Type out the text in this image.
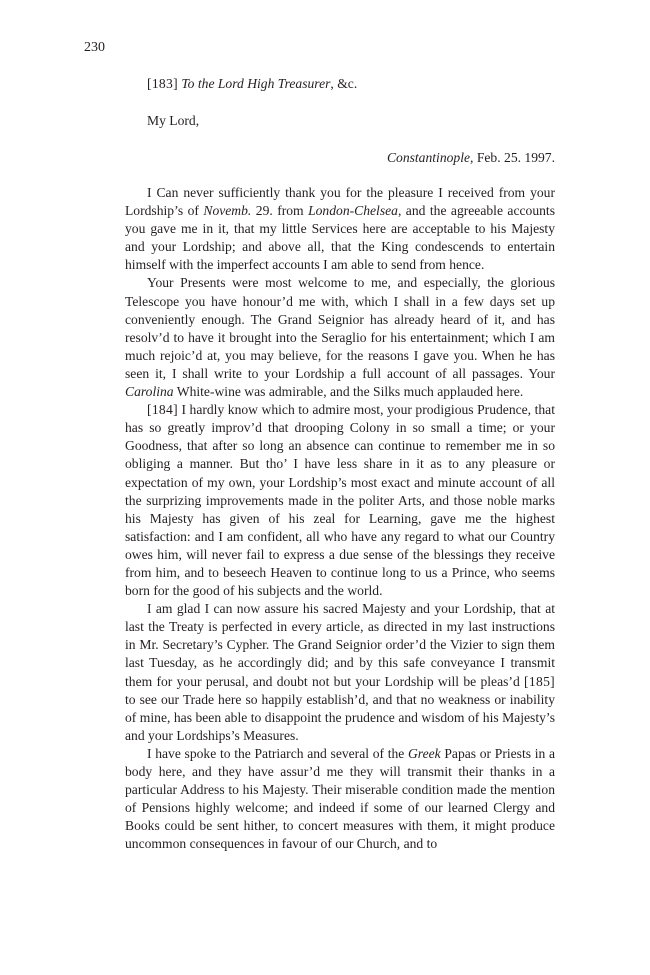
230

[183] To the Lord High Treasurer, &c.

My Lord,
Constantinople, Feb. 25. 1997.

I Can never sufficiently thank you for the pleasure I received from your Lordship’s of Novemb. 29. from London-Chelsea, and the agreeable accounts you gave me in it, that my little Services here are acceptable to his Majesty and your Lordship; and above all, that the King condescends to entertain himself with the imperfect accounts I am able to send from hence.

Your Presents were most welcome to me, and especially, the glorious Telescope you have honour’d me with, which I shall in a few days set up conveniently enough. The Grand Seignior has already heard of it, and has resolv’d to have it brought into the Seraglio for his entertainment; which I am much rejoic’d at, you may believe, for the reasons I gave you. When he has seen it, I shall write to your Lordship a full account of all passages. Your Carolina White-wine was admirable, and the Silks much applauded here.

[184] I hardly know which to admire most, your prodigious Prudence, that has so greatly improv’d that drooping Colony in so small a time; or your Goodness, that after so long an absence can continue to remember me in so obliging a manner. But tho’ I have less share in it as to any pleasure or expectation of my own, your Lordship’s most exact and minute account of all the surprizing improvements made in the politer Arts, and those noble marks his Majesty has given of his zeal for Learning, gave me the highest satisfaction: and I am confident, all who have any regard to what our Country owes him, will never fail to express a due sense of the blessings they receive from him, and to beseech Heaven to continue long to us a Prince, who seems born for the good of his subjects and the world.

I am glad I can now assure his sacred Majesty and your Lordship, that at last the Treaty is perfected in every article, as directed in my last instructions in Mr. Secretary’s Cypher. The Grand Seignior order’d the Vizier to sign them last Tuesday, as he accordingly did; and by this safe conveyance I transmit them for your perusal, and doubt not but your Lordship will be pleas’d [185] to see our Trade here so happily establish’d, and that no weakness or inability of mine, has been able to disappoint the prudence and wisdom of his Majesty’s and your Lordships’s Measures.

I have spoke to the Patriarch and several of the Greek Papas or Priests in a body here, and they have assur’d me they will transmit their thanks in a particular Address to his Majesty. Their miserable condition made the mention of Pensions highly welcome; and indeed if some of our learned Clergy and Books could be sent hither, to concert measures with them, it might produce uncommon consequences in favour of our Church, and to
